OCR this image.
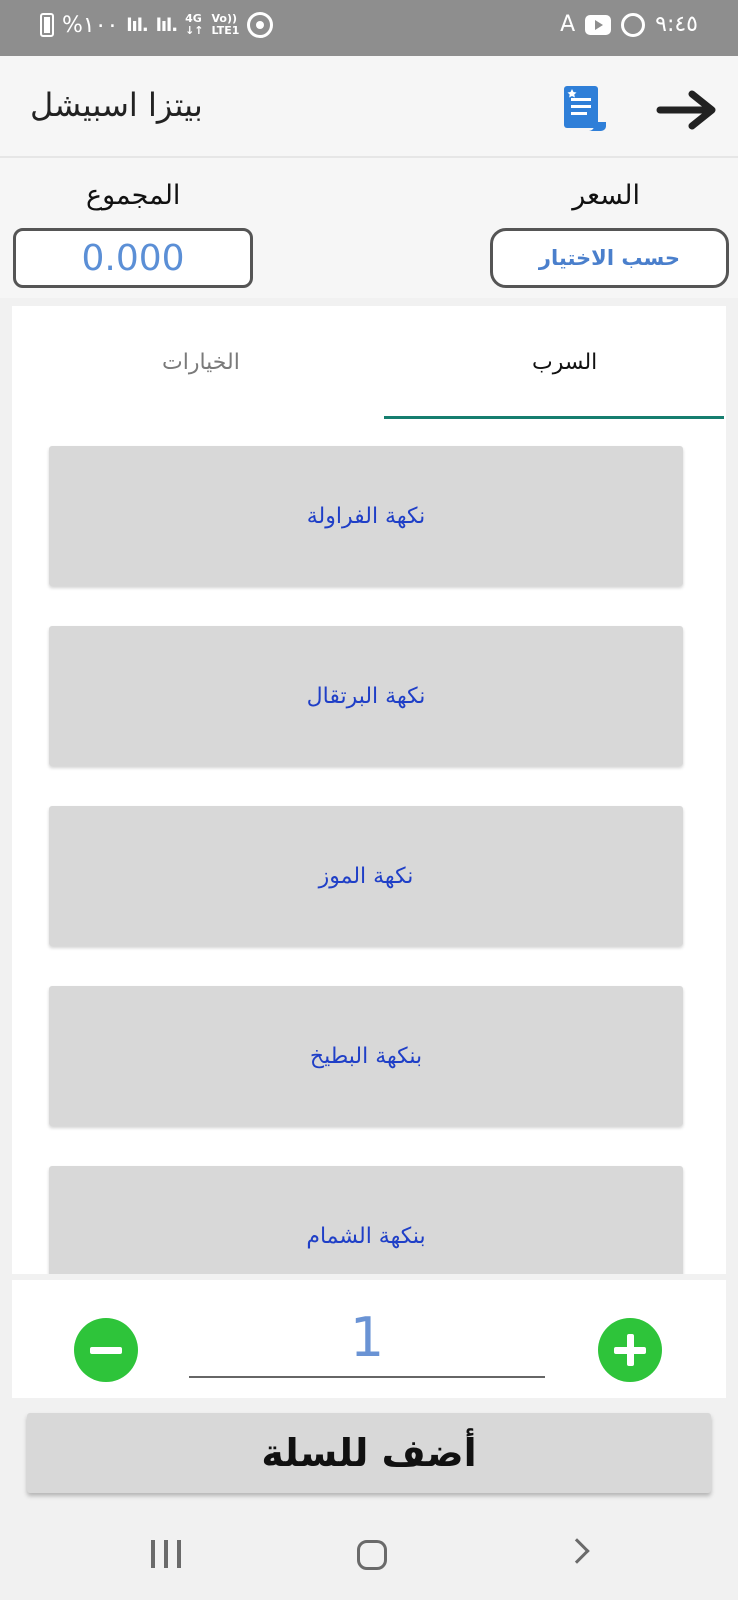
%١٠٠ lıl. lıl. 4G
↓↑
Vo))
LTE1	A	٩:٤٥
بيتزا اسبيشل
المجموع	السعر
0.000	حسب الاختيار
الخيارات	السرب
نكهة الفراولة
نكهة البرتقال
نكهة الموز
بنكهة البطيخ
بنكهة الشمام
1
أضف للسلة
